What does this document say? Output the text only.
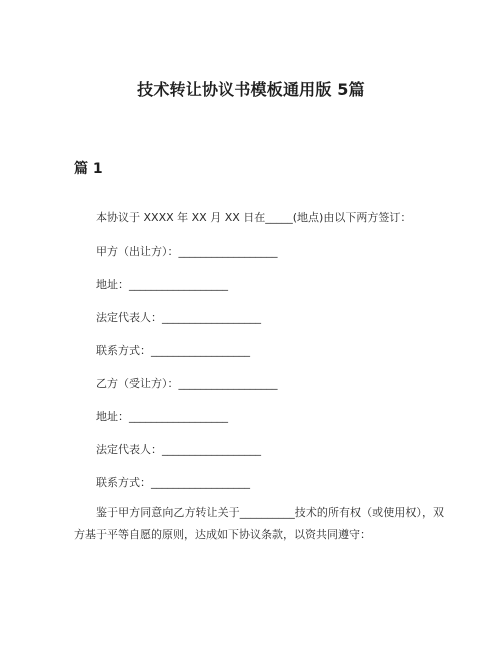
技术转让协议书模板通用版 5篇
篇 1
本协议于 XXXX 年 XX 月 XX 日在_____(地点)由以下两方签订：
甲方（出让方）：__________________
地址：__________________
法定代表人：__________________
联系方式：__________________
乙方（受让方）：__________________
地址：__________________
法定代表人：__________________
联系方式：__________________
鉴于甲方同意向乙方转让关于__________技术的所有权（或使用权），双方基于平等自愿的原则，达成如下协议条款，以资共同遵守：
